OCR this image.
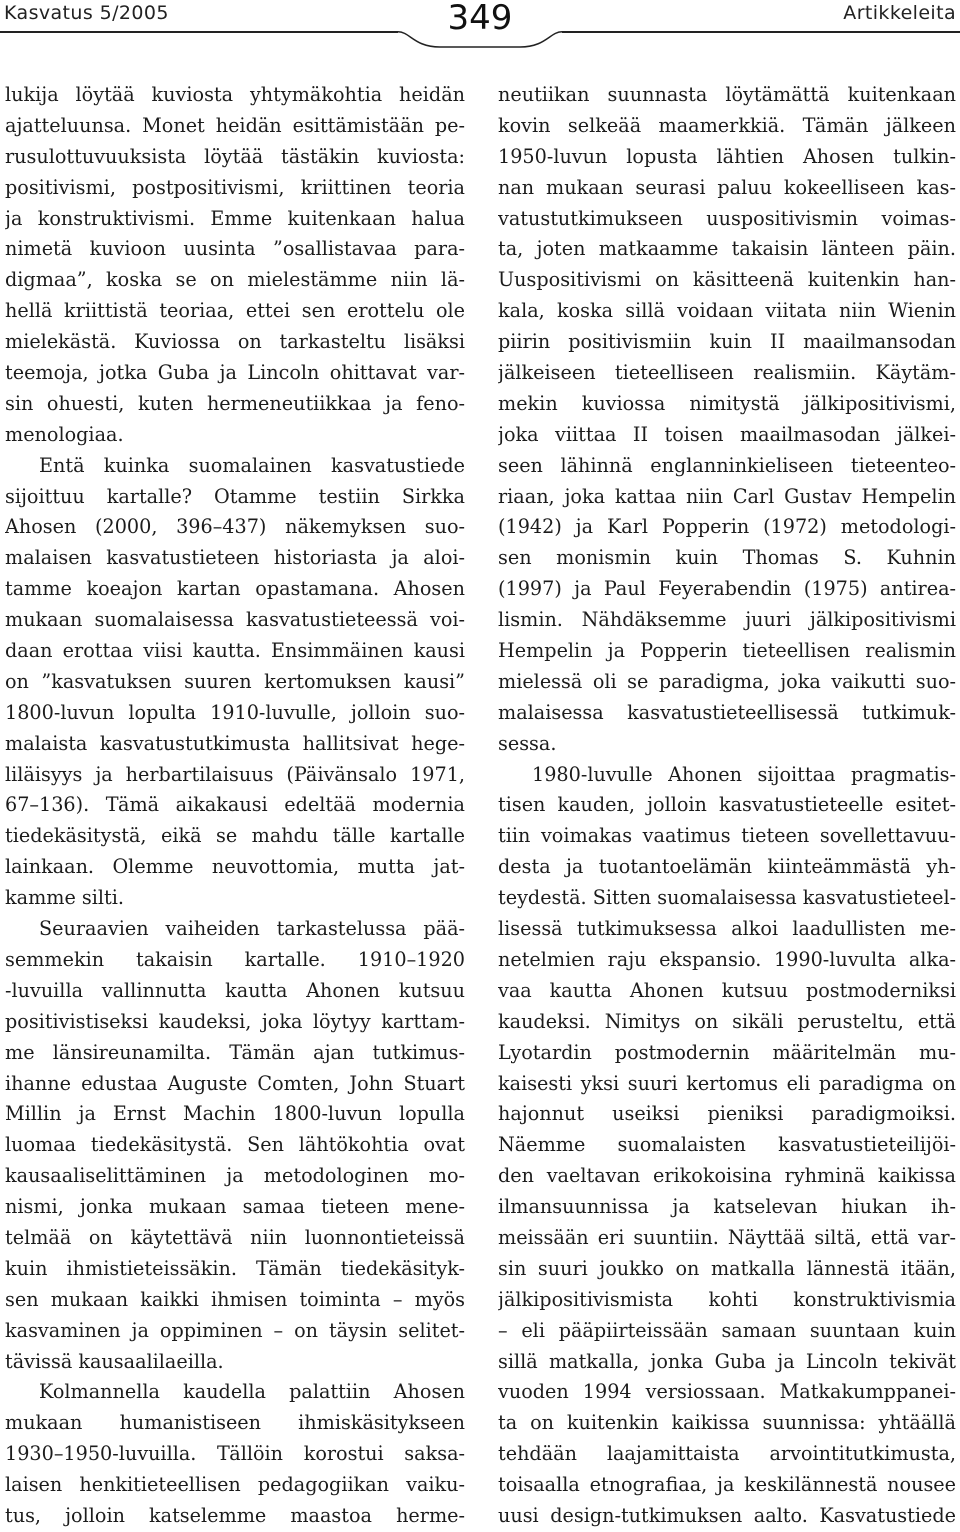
Kasvatus 5/2005	349	Artikkeleita
lukija löytää kuviosta yhtymäkohtia heidän
ajatteluunsa. Monet heidän esittämistään pe-
rusulottuvuuksista löytää tästäkin kuviosta:
positivismi, postpositivismi, kriittinen teoria
ja konstruktivismi. Emme kuitenkaan halua
nimetä kuvioon uusinta ”osallistavaa para-
digmaa”, koska se on mielestämme niin lä-
hellä kriittistä teoriaa, ettei sen erottelu ole
mielekästä. Kuviossa on tarkasteltu lisäksi
teemoja, jotka Guba ja Lincoln ohittavat var-
sin ohuesti, kuten hermeneutiikkaa ja feno-
menologiaa.
Entä kuinka suomalainen kasvatustiede
sijoittuu kartalle? Otamme testiin Sirkka
Ahosen (2000, 396–437) näkemyksen suo-
malaisen kasvatustieteen historiasta ja aloi-
tamme koeajon kartan opastamana. Ahosen
mukaan suomalaisessa kasvatustieteessä voi-
daan erottaa viisi kautta. Ensimmäinen kausi
on ”kasvatuksen suuren kertomuksen kausi”
1800-luvun lopulta 1910-luvulle, jolloin suo-
malaista kasvatustutkimusta hallitsivat hege-
liläisyys ja herbartilaisuus (Päivänsalo 1971,
67–136). Tämä aikakausi edeltää modernia
tiedekäsitystä, eikä se mahdu tälle kartalle
lainkaan. Olemme neuvottomia, mutta jat-
kamme silti.
Seuraavien vaiheiden tarkastelussa pää-
semmekin takaisin kartalle. 1910–1920
-luvuilla vallinnutta kautta Ahonen kutsuu
positivistiseksi kaudeksi, joka löytyy karttam-
me länsireunamilta. Tämän ajan tutkimus-
ihanne edustaa Auguste Comten, John Stuart
Millin ja Ernst Machin 1800-luvun lopulla
luomaa tiedekäsitystä. Sen lähtökohtia ovat
kausaaliselittäminen ja metodologinen mo-
nismi, jonka mukaan samaa tieteen mene-
telmää on käytettävä niin luonnontieteissä
kuin ihmistieteissäkin. Tämän tiedekäsityk-
sen mukaan kaikki ihmisen toiminta – myös
kasvaminen ja oppiminen – on täysin selitet-
tävissä kausaalilaeilla.
Kolmannella kaudella palattiin Ahosen
mukaan humanistiseen ihmiskäsitykseen
1930–1950-luvuilla. Tällöin korostui saksa-
laisen henkitieteellisen pedagogiikan vaiku-
tus, jolloin katselemme maastoa herme-
neutiikan suunnasta löytämättä kuitenkaan
kovin selkeää maamerkkiä. Tämän jälkeen
1950-luvun lopusta lähtien Ahosen tulkin-
nan mukaan seurasi paluu kokeelliseen kas-
vatustutkimukseen uuspositivismin voimas-
ta, joten matkaamme takaisin länteen päin.
Uuspositivismi on käsitteenä kuitenkin han-
kala, koska sillä voidaan viitata niin Wienin
piirin positivismiin kuin II maailmansodan
jälkeiseen tieteelliseen realismiin. Käytäm-
mekin kuviossa nimitystä jälkipositivismi,
joka viittaa II toisen maailmasodan jälkei-
seen lähinnä englanninkieliseen tieteenteo-
riaan, joka kattaa niin Carl Gustav Hempelin
(1942) ja Karl Popperin (1972) metodologi-
sen monismin kuin Thomas S. Kuhnin
(1997) ja Paul Feyerabendin (1975) antirea-
lismin. Nähdäksemme juuri jälkipositivismi
Hempelin ja Popperin tieteellisen realismin
mielessä oli se paradigma, joka vaikutti suo-
malaisessa kasvatustieteellisessä tutkimuk-
sessa.
1980-luvulle Ahonen sijoittaa pragmatis-
tisen kauden, jolloin kasvatustieteelle esitet-
tiin voimakas vaatimus tieteen sovellettavuu-
desta ja tuotantoelämän kiinteämmästä yh-
teydestä. Sitten suomalaisessa kasvatustieteel-
lisessä tutkimuksessa alkoi laadullisten me-
netelmien raju ekspansio. 1990-luvulta alka-
vaa kautta Ahonen kutsuu postmoderniksi
kaudeksi. Nimitys on sikäli perusteltu, että
Lyotardin postmodernin määritelmän mu-
kaisesti yksi suuri kertomus eli paradigma on
hajonnut useiksi pieniksi paradigmoiksi.
Näemme suomalaisten kasvatustieteilijöi-
den vaeltavan erikokoisina ryhminä kaikissa
ilmansuunnissa ja katselevan hiukan ih-
meissään eri suuntiin. Näyttää siltä, että var-
sin suuri joukko on matkalla lännestä itään,
jälkipositivismista kohti konstruktivismia
– eli pääpiirteissään samaan suuntaan kuin
sillä matkalla, jonka Guba ja Lincoln tekivät
vuoden 1994 versiossaan. Matkakumppanei-
ta on kuitenkin kaikissa suunnissa: yhtäällä
tehdään laajamittaista arvointitutkimusta,
toisaalla etnografiaa, ja keskilännestä nousee
uusi design-tutkimuksen aalto. Kasvatustiede
